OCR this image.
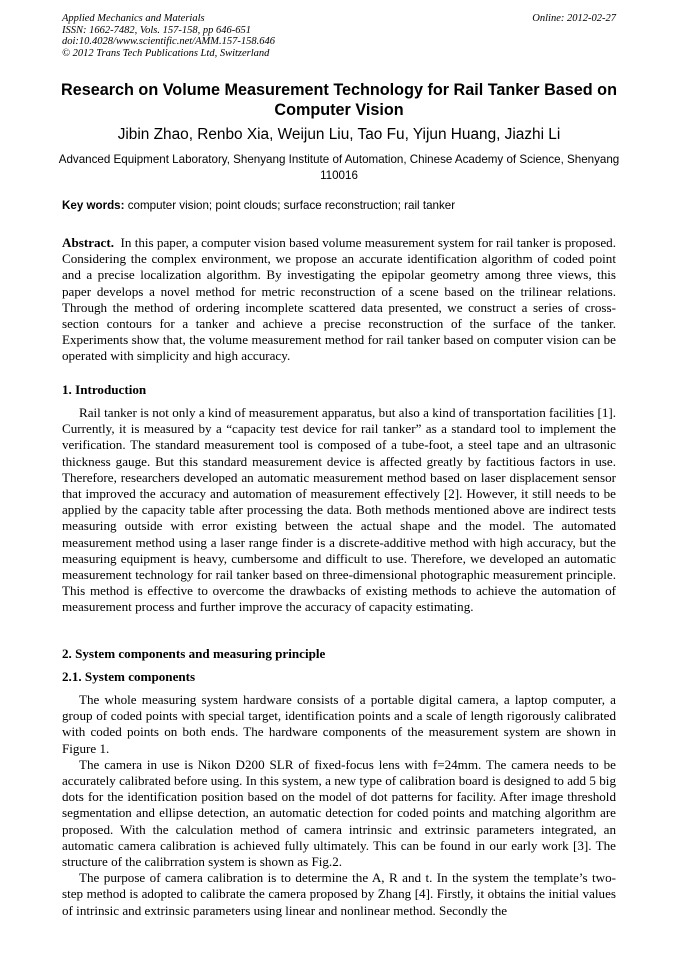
Applied Mechanics and Materials
ISSN: 1662-7482, Vols. 157-158, pp 646-651
doi:10.4028/www.scientific.net/AMM.157-158.646
© 2012 Trans Tech Publications Ltd, Switzerland
Online: 2012-02-27
Research on Volume Measurement Technology for Rail Tanker Based on Computer Vision
Jibin Zhao, Renbo Xia, Weijun Liu, Tao Fu, Yijun Huang, Jiazhi Li
Advanced Equipment Laboratory, Shenyang Institute of Automation, Chinese Academy of Science, Shenyang 110016
Key words: computer vision; point clouds; surface reconstruction; rail tanker

Abstract.  In this paper, a computer vision based volume measurement system for rail tanker is proposed. Considering the complex environment, we propose an accurate identification algorithm of coded point and a precise localization algorithm. By investigating the epipolar geometry among three views, this paper develops a novel method for metric reconstruction of a scene based on the trilinear relations. Through the method of ordering incomplete scattered data presented, we construct a series of cross-section contours for a tanker and achieve a precise reconstruction of the surface of the tanker. Experiments show that, the volume measurement method for rail tanker based on computer vision can be operated with simplicity and high accuracy.

1. Introduction

Rail tanker is not only a kind of measurement apparatus, but also a kind of transportation facilities [1]. Currently, it is measured by a “capacity test device for rail tanker” as a standard tool to implement the verification. The standard measurement tool is composed of a tube-foot, a steel tape and an ultrasonic thickness gauge. But this standard measurement device is affected greatly by factitious factors in use. Therefore, researchers developed an automatic measurement method based on laser displacement sensor that improved the accuracy and automation of measurement effectively [2]. However, it still needs to be applied by the capacity table after processing the data. Both methods mentioned above are indirect tests measuring outside with error existing between the actual shape and the model. The automated measurement method using a laser range finder is a discrete-additive method with high accuracy, but the measuring equipment is heavy, cumbersome and difficult to use. Therefore, we developed an automatic measurement technology for rail tanker based on three-dimensional photographic measurement principle. This method is effective to overcome the drawbacks of existing methods to achieve the automation of measurement process and further improve the accuracy of capacity estimating.

2. System components and measuring principle
2.1. System components

The whole measuring system hardware consists of a portable digital camera, a laptop computer, a group of coded points with special target, identification points and a scale of length rigorously calibrated with coded points on both ends. The hardware components of the measurement system are shown in Figure 1.

The camera in use is Nikon D200 SLR of fixed-focus lens with f=24mm. The camera needs to be accurately calibrated before using. In this system, a new type of calibration board is designed to add 5 big dots for the identification position based on the model of dot patterns for facility. After image threshold segmentation and ellipse detection, an automatic detection for coded points and matching algorithm are proposed. With the calculation method of camera intrinsic and extrinsic parameters integrated, an automatic camera calibration is achieved fully ultimately. This can be found in our early work [3]. The structure of the calibrration system is shown as Fig.2.

The purpose of camera calibration is to determine the A, R and t. In the system the template’s two-step method is adopted to calibrate the camera proposed by Zhang [4]. Firstly, it obtains the initial values of intrinsic and extrinsic parameters using linear and nonlinear method. Secondly the
